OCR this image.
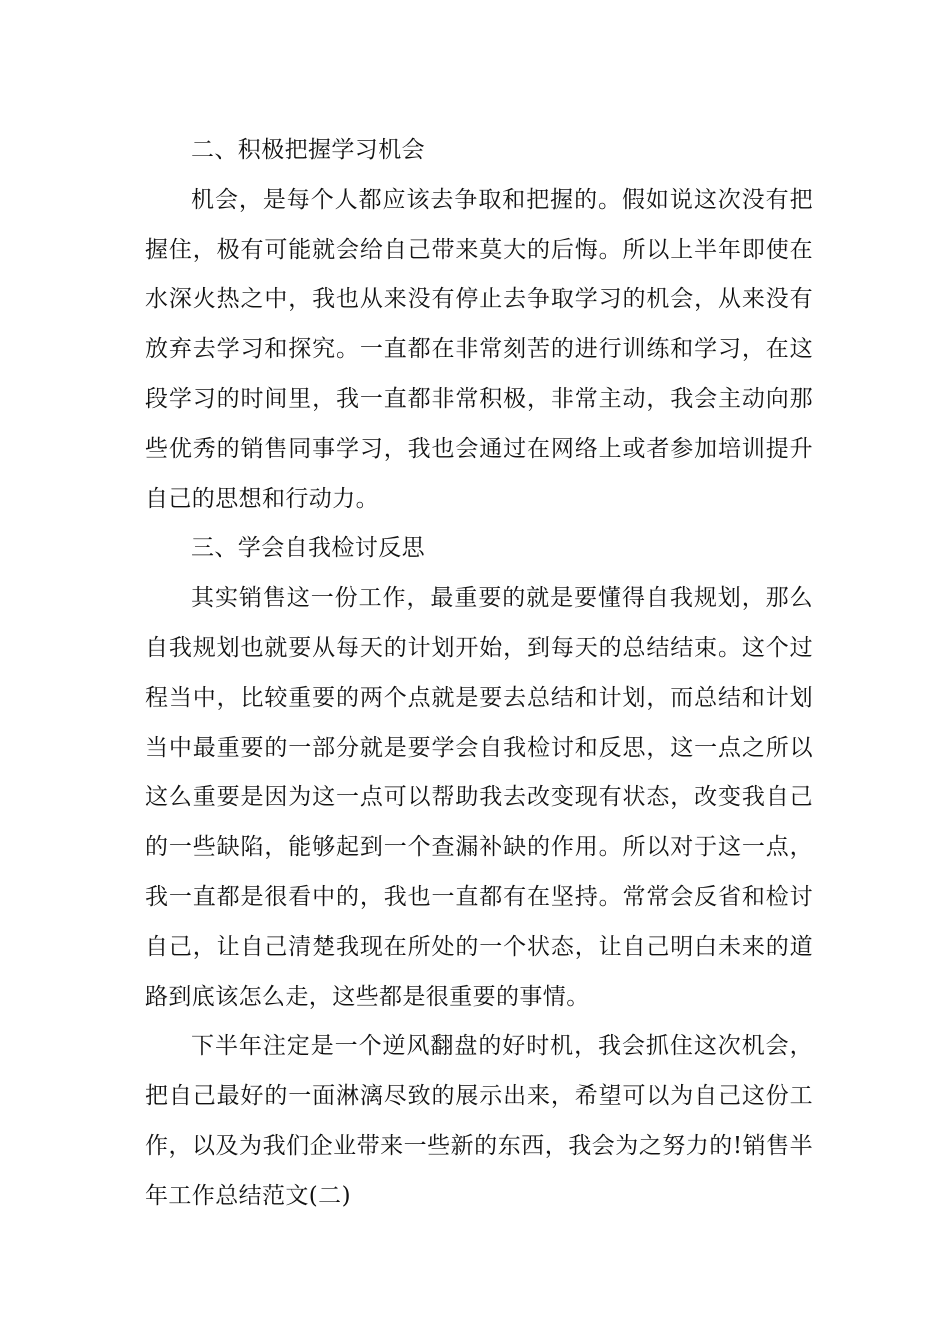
二、积极把握学习机会

机会，是每个人都应该去争取和把握的。假如说这次没有把握住，极有可能就会给自己带来莫大的后悔。所以上半年即使在水深火热之中，我也从来没有停止去争取学习的机会，从来没有放弃去学习和探究。一直都在非常刻苦的进行训练和学习，在这段学习的时间里，我一直都非常积极，非常主动，我会主动向那些优秀的销售同事学习，我也会通过在网络上或者参加培训提升自己的思想和行动力。

三、学会自我检讨反思

其实销售这一份工作，最重要的就是要懂得自我规划，那么自我规划也就要从每天的计划开始，到每天的总结结束。这个过程当中，比较重要的两个点就是要去总结和计划，而总结和计划当中最重要的一部分就是要学会自我检讨和反思，这一点之所以这么重要是因为这一点可以帮助我去改变现有状态，改变我自己的一些缺陷，能够起到一个查漏补缺的作用。所以对于这一点，我一直都是很看中的，我也一直都有在坚持。常常会反省和检讨自己，让自己清楚我现在所处的一个状态，让自己明白未来的道路到底该怎么走，这些都是很重要的事情。

下半年注定是一个逆风翻盘的好时机，我会抓住这次机会，把自己最好的一面淋漓尽致的展示出来，希望可以为自己这份工作，以及为我们企业带来一些新的东西，我会为之努力的!销售半年工作总结范文(二)
